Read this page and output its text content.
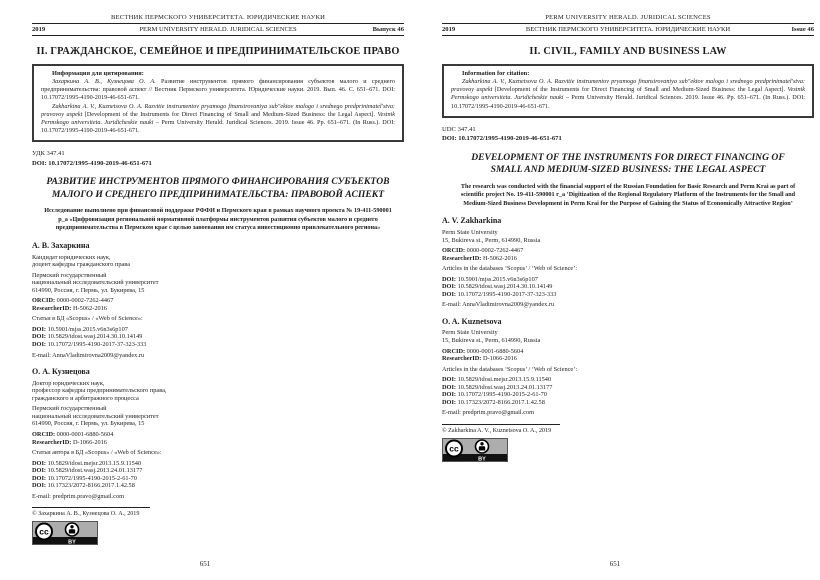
ВЕСТНИК ПЕРМСКОГО УНИВЕРСИТЕТА. ЮРИДИЧЕСКИЕ НАУКИ
2019	PERM UNIVERSITY HERALD. JURIDICAL SCIENCES	Выпуск 46
II. ГРАЖДАНСКОЕ, СЕМЕЙНОЕ И ПРЕДПРИНИМАТЕЛЬСКОЕ ПРАВО
Информация для цитирования:

Захаркина А. В., Кузнецова О. А. Развитие инструментов прямого финансирования субъектов малого и среднего предпринимательства: правовой аспект // Вестник Пермского университета. Юридические науки. 2019. Вып. 46. С. 651–671. DOI: 10.17072/1995-4190-2019-46-651-671.

Zakharkina A. V., Kuznetsova O. A. Razvitie instrumentov pryamogo finansirovaniya sub"ektov malogo i srednego predprinimatel'stva: pravovoy aspekt [Development of the Instruments for Direct Financing of Small and Medium-Sized Business: the Legal Aspect]. Vestnik Permskogo universiteta. Juridicheskie nauki – Perm University Herald. Juridical Sciences. 2019. Issue 46. Pp. 651–671. (In Russ.). DOI: 10.17072/1995-4190-2019-46-651-671.

УДК 347.41
DOI: 10.17072/1995-4190-2019-46-651-671
РАЗВИТИЕ ИНСТРУМЕНТОВ ПРЯМОГО ФИНАНСИРОВАНИЯ СУБЪЕКТОВ МАЛОГО И СРЕДНЕГО ПРЕДПРИНИМАТЕЛЬСТВА: ПРАВОВОЙ АСПЕКТ
Исследование выполнено при финансовой поддержке РФФИ и Пермского края в рамках научного проекта № 19-411-590001 р_а «Цифровизация региональной нормативной платформы инструментов развития субъектов малого и среднего предпринимательства в Пермском крае с целью завоевания им статуса инвестиционно привлекательного региона»
А. В. Захаркина
Кандидат юридических наук,
доцент кафедры гражданского права
Пермский государственный
национальный исследовательский университет
614990, Россия, г. Пермь, ул. Букирева, 15
ORCID: 0000-0002-7262-4467
ResearcherID: H-5062-2016
Статьи в БД «Scopus» / «Web of Science»:
DOI: 10.5901/mjss.2015.v6n3s6p107
DOI: 10.5829/idosi.wasj.2014.30.10.14149
DOI: 10.17072/1995-4190-2017-37-323-333
E-mail: AnnaVladimirovna2009@yandex.ru
О. А. Кузнецова
Доктор юридических наук,
профессор кафедры предпринимательского права,
гражданского и арбитражного процесса
Пермский государственный
национальный исследовательский университет
614990, Россия, г. Пермь, ул. Букирева, 15
ORCID: 0000-0001-6880-5604
ResearcherID: D-1066-2016
Статьи автора в БД «Scopus» / «Web of Science»:
DOI: 10.5829/idosi.mejsr.2013.15.9.11540
DOI: 10.5829/idosi.wasj.2013.24.01.13177
DOI: 10.17072/1995-4190-2015-2-61-70
DOI: 10.17323/2072-8166.2017.1.42.58
E-mail: predprim.pravo@gmail.com
© Захаркина А. В., Кузнецова О. А., 2019
BY
cc
651
PERM UNIVERSITY HERALD. JURIDICAL SCIENCES
2019	ВЕСТНИК ПЕРМСКОГО УНИВЕРСИТЕТА. ЮРИДИЧЕСКИЕ НАУКИ	Issue 46
II. CIVIL, FAMILY AND BUSINESS LAW
Information for citation:

Zakharkina A. V., Kuznetsova O. A. Razvitie instrumentov pryamogo finansirovaniya sub"ektov malogo i srednego predprinimatel'stva: pravovoy aspekt [Development of the Instruments for Direct Financing of Small and Medium-Sized Business: the Legal Aspect]. Vestnik Permskogo universiteta. Juridicheskie nauki – Perm University Herald. Juridical Sciences. 2019. Issue 46. Pp. 651–671. (In Russ.). DOI: 10.17072/1995-4190-2019-46-651-671.

UDC 347.41
DOI: 10.17072/1995-4190-2019-46-651-671
DEVELOPMENT OF THE INSTRUMENTS FOR DIRECT FINANCING OF SMALL AND MEDIUM-SIZED BUSINESS: THE LEGAL ASPECT
The research was conducted with the financial support of the Russian Foundation for Basic Research and Perm Krai as part of scientific project No. 19-411-590001 r_a ‘Digitization of the Regional Regulatory Platform of the Instruments for the Small and Medium-Sized Business Development in Perm Krai for the Purpose of Gaining the Status of Economically Attractive Region’
A. V. Zakharkina
Perm State University
15, Bukireva st., Perm, 614990, Russia
ORCID: 0000-0002-7262-4467
ResearcherID: H-5062-2016
Articles in the databases ‘Scopus’ / ‘Web of Science’:
DOI: 10.5901/mjss.2015.v6n3s6p107
DOI: 10.5829/idosi.wasj.2014.30.10.14149
DOI: 10.17072/1995-4190-2017-37-323-333
E-mail: AnnaVladimirovna2009@yandex.ru
O. A. Kuznetsova
Perm State University
15, Bukireva st., Perm, 614990, Russia
ORCID: 0000-0001-6880-5604
ResearcherID: D-1066-2016
Articles in the databases ‘Scopus’ / ‘Web of Science’:
DOI: 10.5829/idosi.mejsr.2013.15.9.11540
DOI: 10.5829/idosi.wasj.2013.24.01.13177
DOI: 10.17072/1995-4190-2015-2-61-70
DOI: 10.17323/2072-8166.2017.1.42.58
E-mail: predprim.pravo@gmail.com
© Zakharkina A. V., Kuznetsova O. A., 2019
BY
cc
651
